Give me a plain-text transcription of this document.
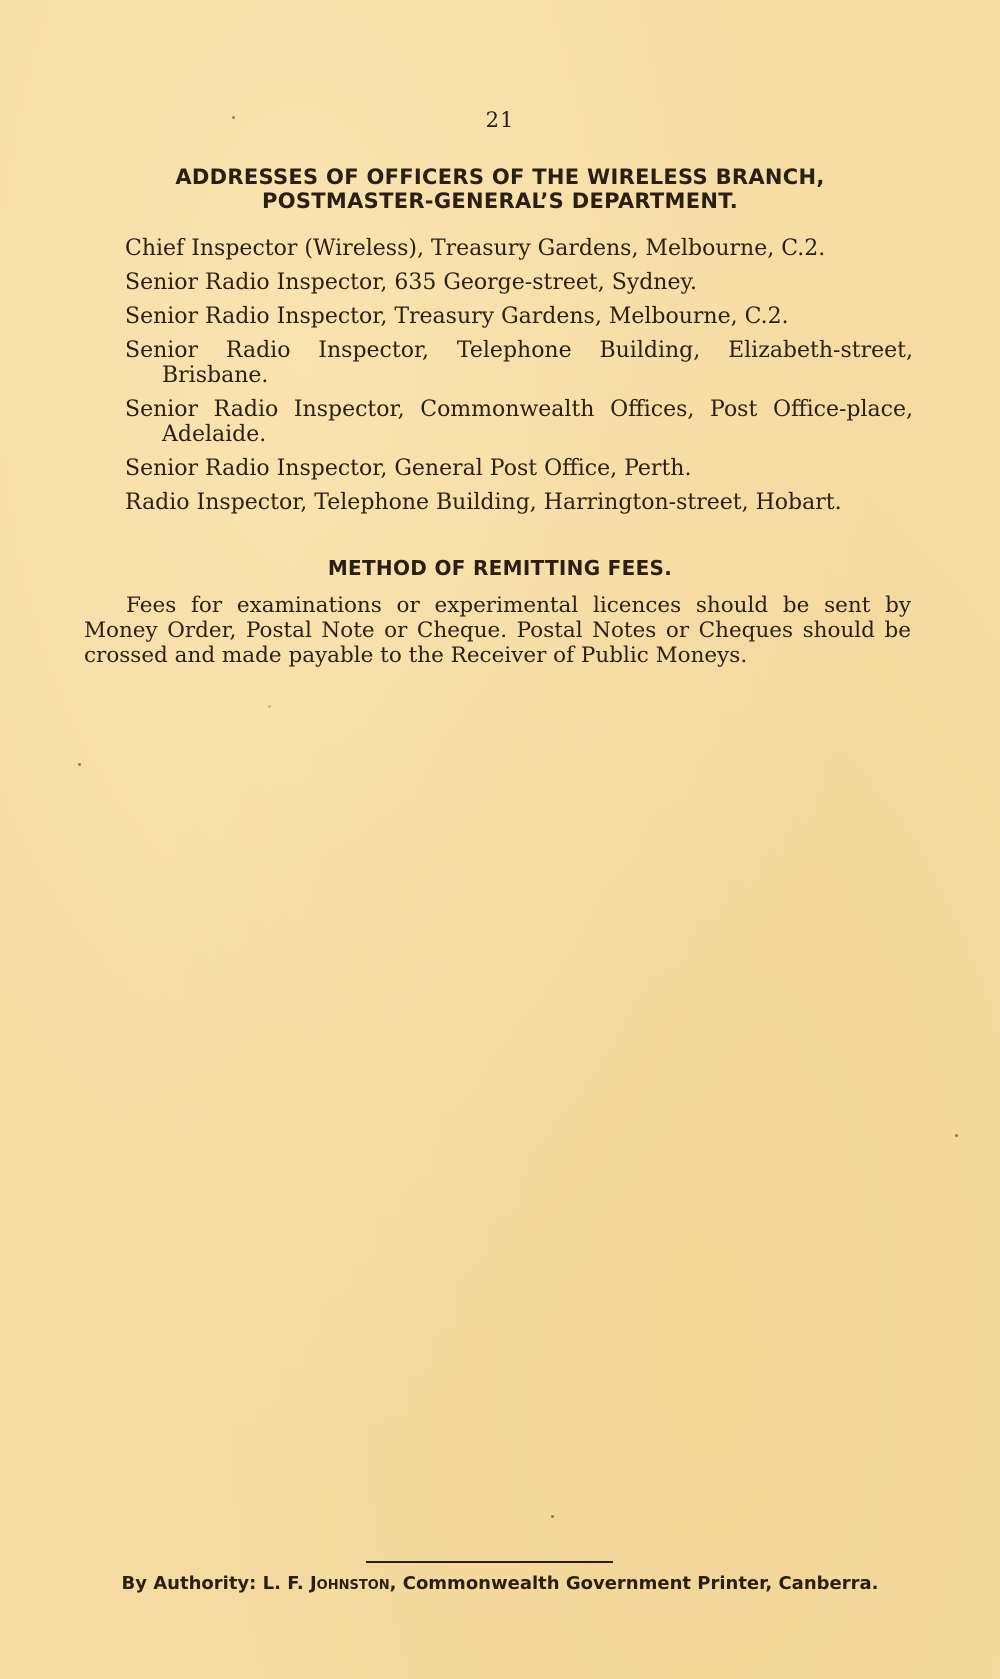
21
ADDRESSES OF OFFICERS OF THE WIRELESS BRANCH,
POSTMASTER-GENERAL’S DEPARTMENT.
Chief Inspector (Wireless), Treasury Gardens, Melbourne, C.2.
Senior Radio Inspector, 635 George-street, Sydney.
Senior Radio Inspector, Treasury Gardens, Melbourne, C.2.
Senior Radio Inspector, Telephone Building, Elizabeth-street, Brisbane.
Senior Radio Inspector, Commonwealth Offices, Post Office-place, Adelaide.
Senior Radio Inspector, General Post Office, Perth.
Radio Inspector, Telephone Building, Harrington-street, Hobart.
METHOD OF REMITTING FEES.
Fees for examinations or experimental licences should be sent by Money Order, Postal Note or Cheque. Postal Notes or Cheques should be crossed and made payable to the Receiver of Public Moneys.
By Authority: L. F. Johnston, Commonwealth Government Printer, Canberra.
